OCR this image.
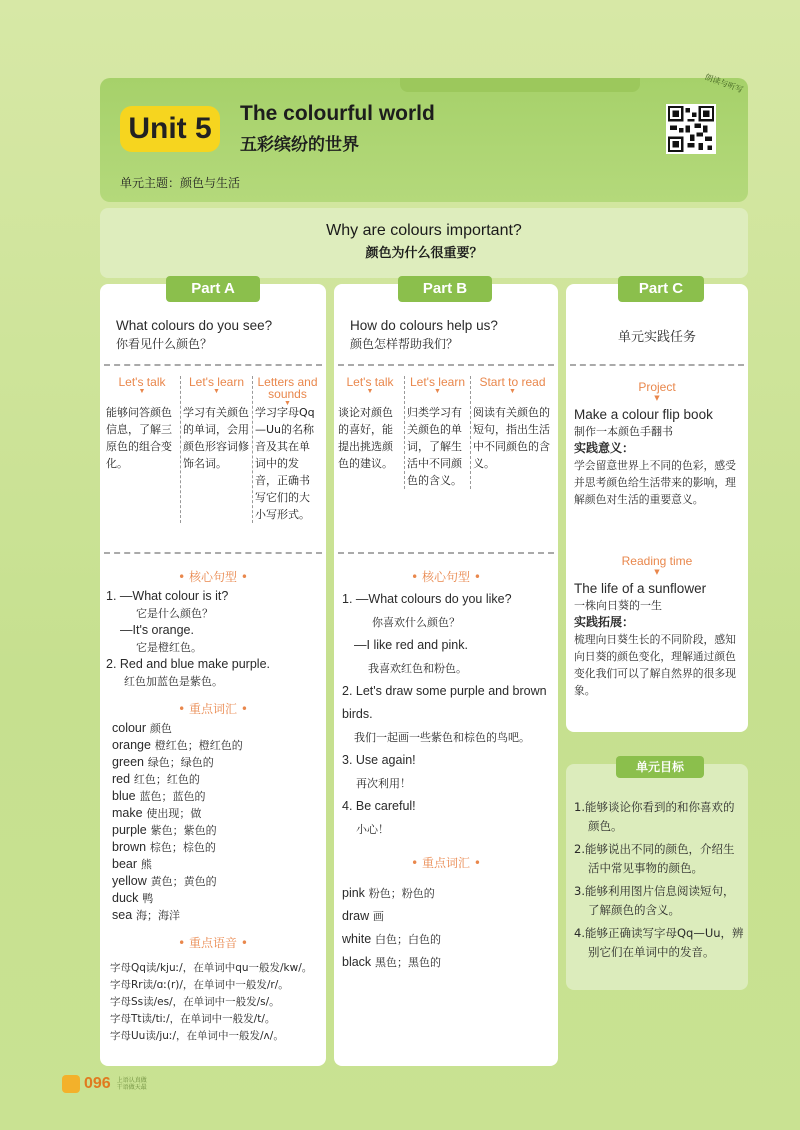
Unit 5	The colourful world
五彩缤纷的世界
单元主题：颜色与生活
朗读与听写
Why are colours important?
颜色为什么很重要？
Part A
What colours do you see?
你看见什么颜色？
Let's talk
▼
能够问答颜色信息，了解三原色的组合变化。
Let's learn
▼
学习有关颜色的单词，会用颜色形容词修饰名词。
Letters and sounds
▼
学习字母Qq—Uu的名称音及其在单词中的发音，正确书写它们的大小写形式。
• 核心句型 •
1. —What colour is it?
它是什么颜色？
—It's orange.
它是橙红色。
2. Red and blue make purple.
红色加蓝色是紫色。
• 重点词汇 •
colour 颜色
orange 橙红色；橙红色的
green 绿色；绿色的
red 红色；红色的
blue 蓝色；蓝色的
make 使出现；做
purple 紫色；紫色的
brown 棕色；棕色的
bear 熊
yellow 黄色；黄色的
duck 鸭
sea 海；海洋
• 重点语音 •
字母Qq读/kjuː/，在单词中qu一般发/kw/。
字母Rr读/ɑː(r)/，在单词中一般发/r/。
字母Ss读/es/，在单词中一般发/s/。
字母Tt读/tiː/，在单词中一般发/t/。
字母Uu读/juː/，在单词中一般发/ʌ/。
Part B
How do colours help us?
颜色怎样帮助我们？
Let's talk
▼
谈论对颜色的喜好，能提出挑选颜色的建议。
Let's learn
▼
归类学习有关颜色的单词，了解生活中不同颜色的含义。
Start to read
▼
阅读有关颜色的短句，指出生活中不同颜色的含义。
• 核心句型 •
1. —What colours do you like?
你喜欢什么颜色？
—I like red and pink.
我喜欢红色和粉色。
2. Let's draw some purple and brown birds.
我们一起画一些紫色和棕色的鸟吧。
3. Use again!
再次利用！
4. Be careful!
小心！
• 重点词汇 •
pink 粉色；粉色的
draw 画
white 白色；白色的
black 黑色；黑色的
Part C
单元实践任务
Project
▼
Make a colour flip book
制作一本颜色手翻书
实践意义：
学会留意世界上不同的色彩，感受并思考颜色给生活带来的影响，理解颜色对生活的重要意义。
Reading time
▼
The life of a sunflower
一株向日葵的一生
实践拓展：
梳理向日葵生长的不同阶段，感知向日葵的颜色变化，理解通过颜色变化我们可以了解自然界的很多现象。
单元目标
1.能够谈论你看到的和你喜欢的颜色。
2.能够说出不同的颜色，介绍生活中常见事物的颜色。
3.能够利用图片信息阅读短句，了解颜色的含义。
4.能够正确读写字母Qq—Uu，辨别它们在单词中的发音。
096 上语认真做
干语做天最
